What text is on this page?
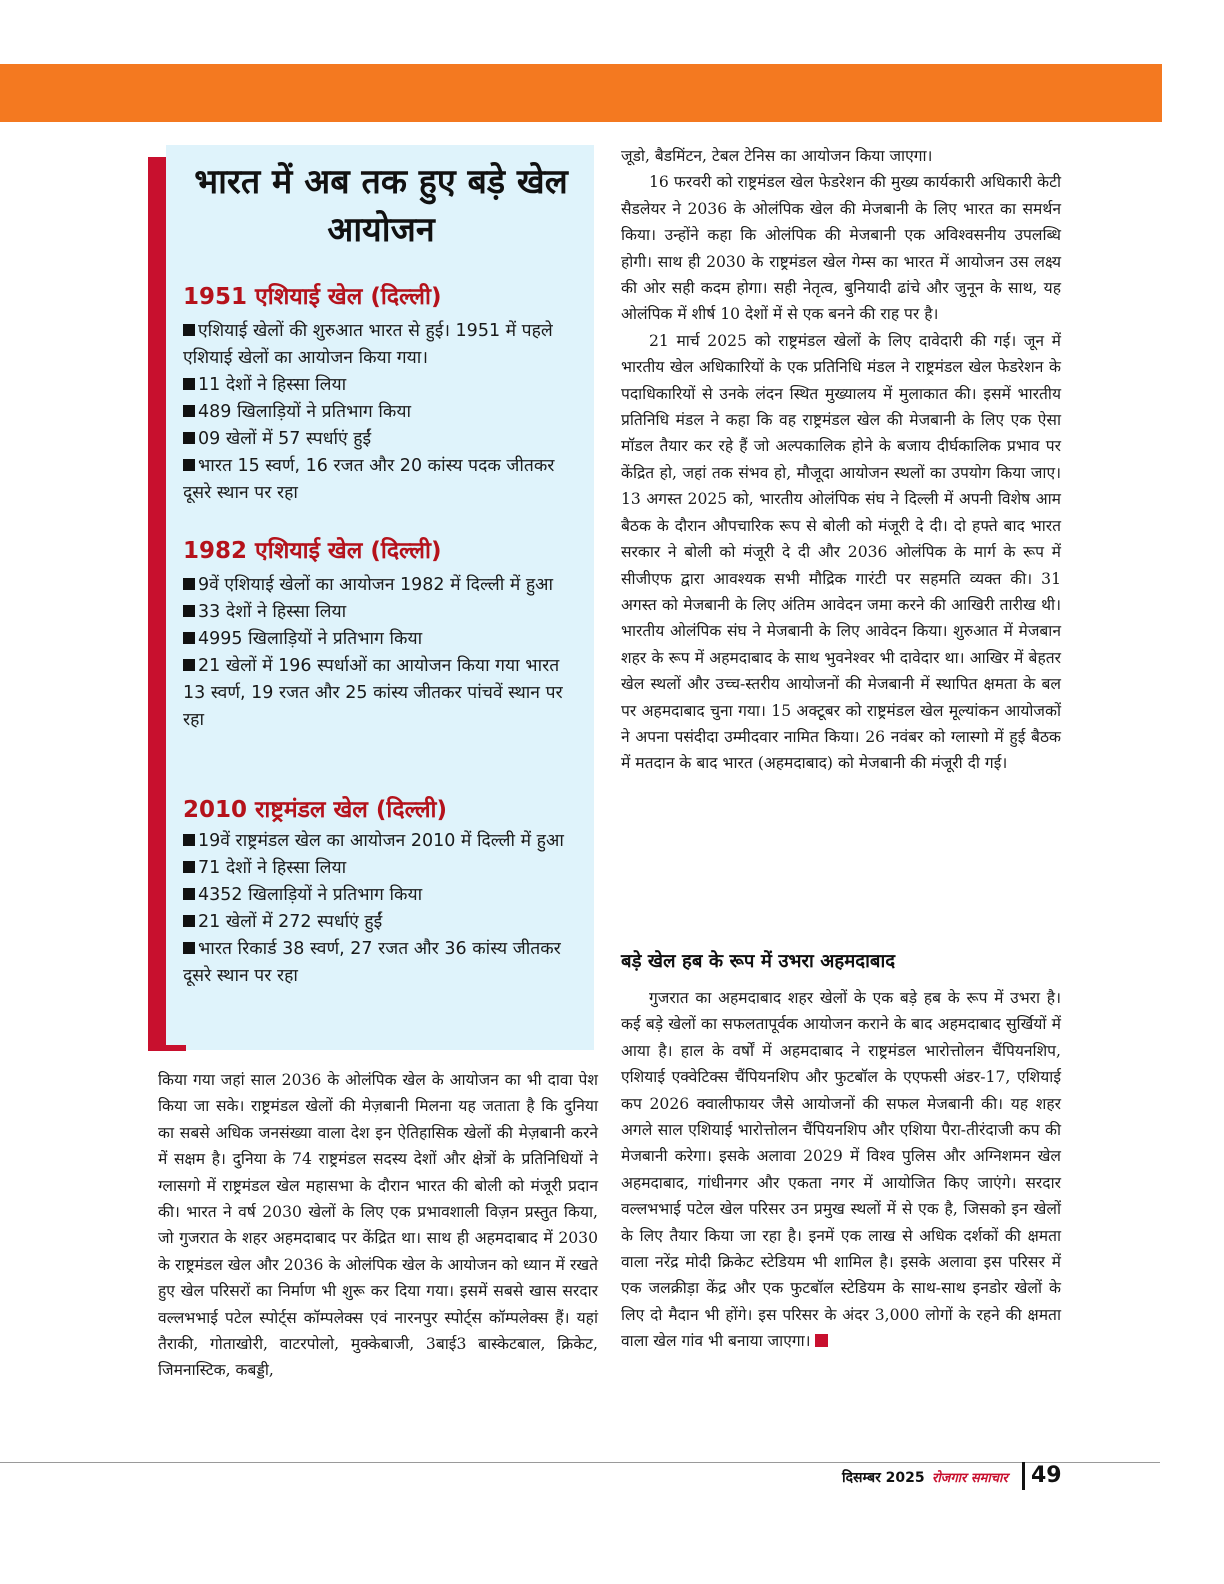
भारत में अब तक हुए बड़े खेल आयोजन
1951 एशियाई खेल (दिल्ली)
एशियाई खेलों की शुरुआत भारत से हुई। 1951 में पहले एशियाई खेलों का आयोजन किया गया।
11 देशों ने हिस्सा लिया
489 खिलाड़ियों ने प्रतिभाग किया
09 खेलों में 57 स्पर्धाएं हुईं
भारत 15 स्वर्ण, 16 रजत और 20 कांस्य पदक जीतकर दूसरे स्थान पर रहा
1982 एशियाई खेल (दिल्ली)
9वें एशियाई खेलों का आयोजन 1982 में दिल्ली में हुआ
33 देशों ने हिस्सा लिया
4995 खिलाड़ियों ने प्रतिभाग किया
21 खेलों में 196 स्पर्धाओं का आयोजन किया गया भारत 13 स्वर्ण, 19 रजत और 25 कांस्य जीतकर पांचवें स्थान पर रहा
2010 राष्ट्रमंडल खेल (दिल्ली)
19वें राष्ट्रमंडल खेल का आयोजन 2010 में दिल्ली में हुआ
71 देशों ने हिस्सा लिया
4352 खिलाड़ियों ने प्रतिभाग किया
21 खेलों में 272 स्पर्धाएं हुईं
भारत रिकार्ड 38 स्वर्ण, 27 रजत और 36 कांस्य जीतकर दूसरे स्थान पर रहा

किया गया जहां साल 2036 के ओलंपिक खेल के आयोजन का भी दावा पेश किया जा सके। राष्ट्रमंडल खेलों की मेज़बानी मिलना यह जताता है कि दुनिया का सबसे अधिक जनसंख्या वाला देश इन ऐतिहासिक खेलों की मेज़बानी करने में सक्षम है। दुनिया के 74 राष्ट्रमंडल सदस्य देशों और क्षेत्रों के प्रतिनिधियों ने ग्लासगो में राष्ट्रमंडल खेल महासभा के दौरान भारत की बोली को मंजूरी प्रदान की। भारत ने वर्ष 2030 खेलों के लिए एक प्रभावशाली विज़न प्रस्तुत किया, जो गुजरात के शहर अहमदाबाद पर केंद्रित था। साथ ही अहमदाबाद में 2030 के राष्ट्रमंडल खेल और 2036 के ओलंपिक खेल के आयोजन को ध्यान में रखते हुए खेल परिसरों का निर्माण भी शुरू कर दिया गया। इसमें सबसे खास सरदार वल्लभभाई पटेल स्पोर्ट्स कॉम्पलेक्स एवं नारनपुर स्पोर्ट्स कॉम्पलेक्स हैं। यहां तैराकी, गोताखोरी, वाटरपोलो, मुक्केबाजी, 3बाई3 बास्केटबाल, क्रिकेट, जिमनास्टिक, कबड्डी,

जूडो, बैडमिंटन, टेबल टेनिस का आयोजन किया जाएगा।

16 फरवरी को राष्ट्रमंडल खेल फेडरेशन की मुख्य कार्यकारी अधिकारी केटी सैडलेयर ने 2036 के ओलंपिक खेल की मेजबानी के लिए भारत का समर्थन किया। उन्होंने कहा कि ओलंपिक की मेजबानी एक अविश्वसनीय उपलब्धि होगी। साथ ही 2030 के राष्ट्रमंडल खेल गेम्स का भारत में आयोजन उस लक्ष्य की ओर सही कदम होगा। सही नेतृत्व, बुनियादी ढांचे और जुनून के साथ, यह ओलंपिक में शीर्ष 10 देशों में से एक बनने की राह पर है।

21 मार्च 2025 को राष्ट्रमंडल खेलों के लिए दावेदारी की गई। जून में भारतीय खेल अधिकारियों के एक प्रतिनिधि मंडल ने राष्ट्रमंडल खेल फेडरेशन के पदाधिकारियों से उनके लंदन स्थित मुख्यालय में मुलाकात की। इसमें भारतीय प्रतिनिधि मंडल ने कहा कि वह राष्ट्रमंडल खेल की मेजबानी के लिए एक ऐसा मॉडल तैयार कर रहे हैं जो अल्पकालिक होने के बजाय दीर्घकालिक प्रभाव पर केंद्रित हो, जहां तक संभव हो, मौजूदा आयोजन स्थलों का उपयोग किया जाए। 13 अगस्त 2025 को, भारतीय ओलंपिक संघ ने दिल्ली में अपनी विशेष आम बैठक के दौरान औपचारिक रूप से बोली को मंजूरी दे दी। दो हफ्ते बाद भारत सरकार ने बोली को मंजूरी दे दी और 2036 ओलंपिक के मार्ग के रूप में सीजीएफ द्वारा आवश्यक सभी मौद्रिक गारंटी पर सहमति व्यक्त की। 31 अगस्त को मेजबानी के लिए अंतिम आवेदन जमा करने की आखिरी तारीख थी। भारतीय ओलंपिक संघ ने मेजबानी के लिए आवेदन किया। शुरुआत में मेजबान शहर के रूप में अहमदाबाद के साथ भुवनेश्वर भी दावेदार था। आखिर में बेहतर खेल स्थलों और उच्च-स्तरीय आयोजनों की मेजबानी में स्थापित क्षमता के बल पर अहमदाबाद चुना गया। 15 अक्टूबर को राष्ट्रमंडल खेल मूल्यांकन आयोजकों ने अपना पसंदीदा उम्मीदवार नामित किया। 26 नवंबर को ग्लास्गो में हुई बैठक में मतदान के बाद भारत (अहमदाबाद) को मेजबानी की मंजूरी दी गई।

बड़े खेल हब के रूप में उभरा अहमदाबाद

गुजरात का अहमदाबाद शहर खेलों के एक बड़े हब के रूप में उभरा है। कई बड़े खेलों का सफलतापूर्वक आयोजन कराने के बाद अहमदाबाद सुर्खियों में आया है। हाल के वर्षों में अहमदाबाद ने राष्ट्रमंडल भारोत्तोलन चैंपियनशिप, एशियाई एक्वेटिक्स चैंपियनशिप और फुटबॉल के एएफसी अंडर-17, एशियाई कप 2026 क्वालीफायर जैसे आयोजनों की सफल मेजबानी की। यह शहर अगले साल एशियाई भारोत्तोलन चैंपियनशिप और एशिया पैरा-तीरंदाजी कप की मेजबानी करेगा। इसके अलावा 2029 में विश्व पुलिस और अग्निशमन खेल अहमदाबाद, गांधीनगर और एकता नगर में आयोजित किए जाएंगे। सरदार वल्लभभाई पटेल खेल परिसर उन प्रमुख स्थलों में से एक है, जिसको इन खेलों के लिए तैयार किया जा रहा है। इनमें एक लाख से अधिक दर्शकों की क्षमता वाला नरेंद्र मोदी क्रिकेट स्टेडियम भी शामिल है। इसके अलावा इस परिसर में एक जलक्रीड़ा केंद्र और एक फुटबॉल स्टेडियम के साथ-साथ इनडोर खेलों के लिए दो मैदान भी होंगे। इस परिसर के अंदर 3,000 लोगों के रहने की क्षमता वाला खेल गांव भी बनाया जाएगा।

दिसम्बर 2025 रोजगार समाचार 49
